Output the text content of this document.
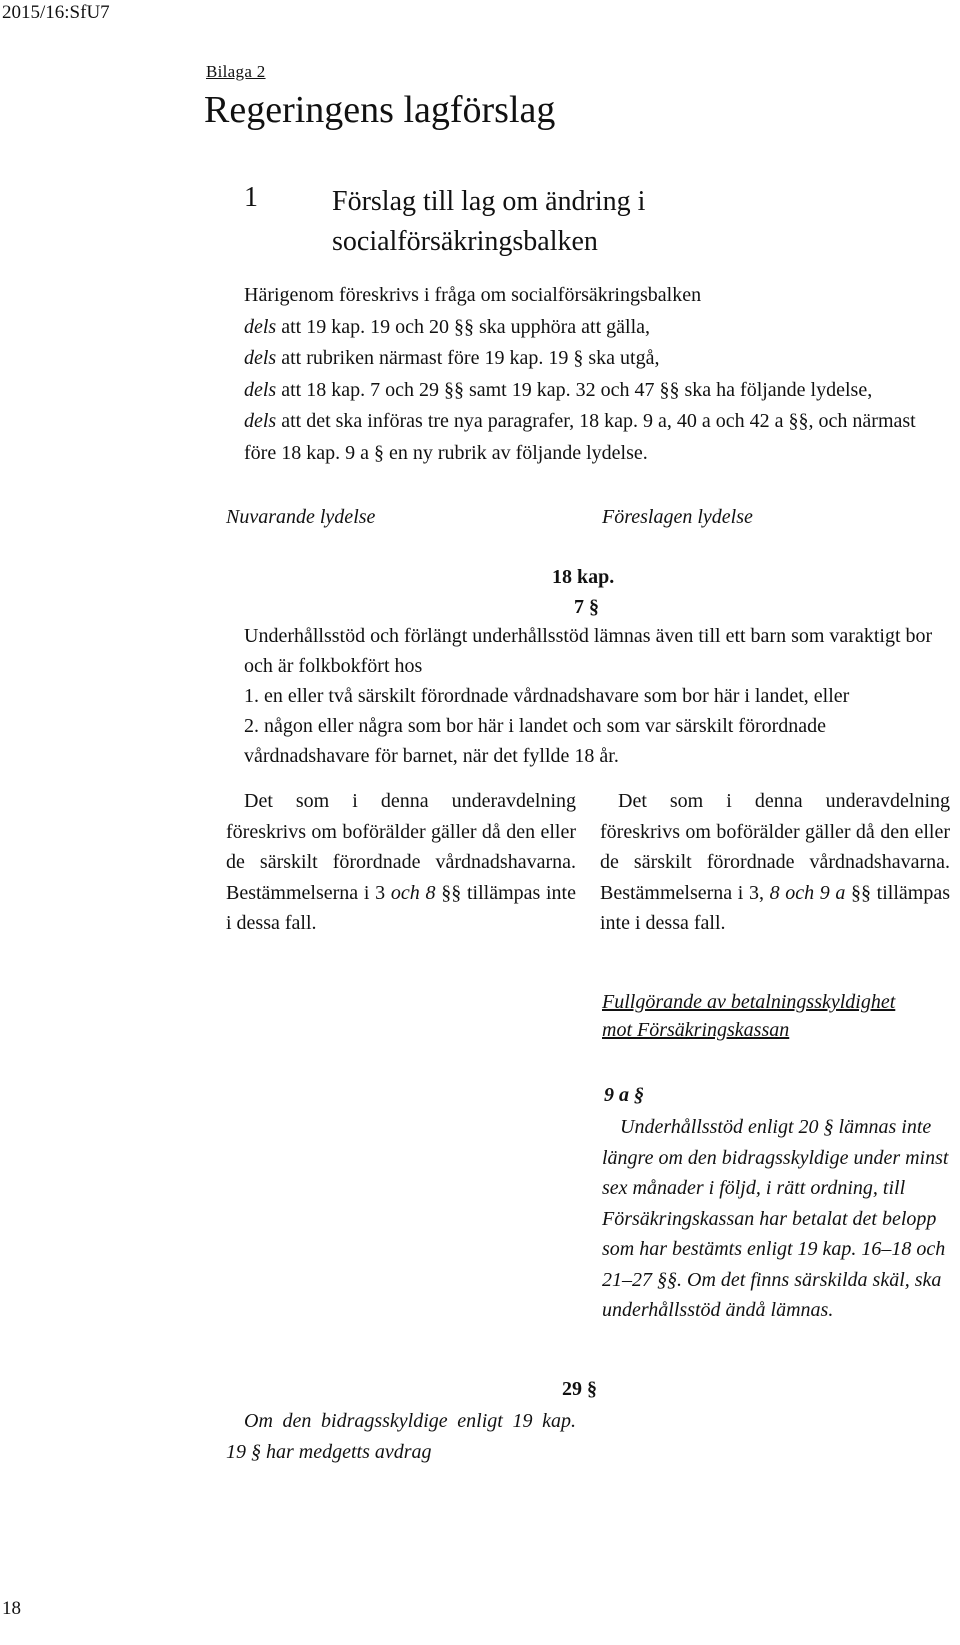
2015/16:SfU7
Bilaga 2
Regeringens lagförslag
1	Förslag till lag om ändring i
socialförsäkringsbalken

Härigenom föreskrivs i fråga om socialförsäkringsbalken

dels att 19 kap. 19 och 20 §§ ska upphöra att gälla,

dels att rubriken närmast före 19 kap. 19 § ska utgå,

dels att 18 kap. 7 och 29 §§ samt 19 kap. 32 och 47 §§ ska ha följande lydelse,

dels att det ska införas tre nya paragrafer, 18 kap. 9 a, 40 a och 42 a §§, och närmast före 18 kap. 9 a § en ny rubrik av följande lydelse.

Nuvarande lydelse	Föreslagen lydelse
18 kap.
7 §

Underhållsstöd och förlängt underhållsstöd lämnas även till ett barn som varaktigt bor och är folkbokfört hos

1. en eller två särskilt förordnade vårdnadshavare som bor här i landet, eller

2. någon eller några som bor här i landet och som var särskilt förordnade vårdnadshavare för barnet, när det fyllde 18 år.

Det som i denna underavdelning föreskrivs om boförälder gäller då den eller de särskilt förordnade vårdnadshavarna. Bestämmelserna i 3 och 8 §§ tillämpas inte i dessa fall.

Det som i denna underavdelning föreskrivs om boförälder gäller då den eller de särskilt förordnade vårdnadshavarna. Bestämmelserna i 3, 8 och 9 a §§ tillämpas inte i dessa fall.

Fullgörande av betalningsskyldighet mot Försäkringskassan
9 a §

Underhållsstöd enligt 20 § lämnas inte längre om den bidragsskyldige under minst sex månader i följd, i rätt ordning, till Försäkringskassan har betalat det belopp som har bestämts enligt 19 kap. 16–18 och 21–27 §§. Om det finns särskilda skäl, ska underhållsstöd ändå lämnas.

29 §

Om den bidragsskyldige enligt 19 kap. 19 § har medgetts avdrag

18
